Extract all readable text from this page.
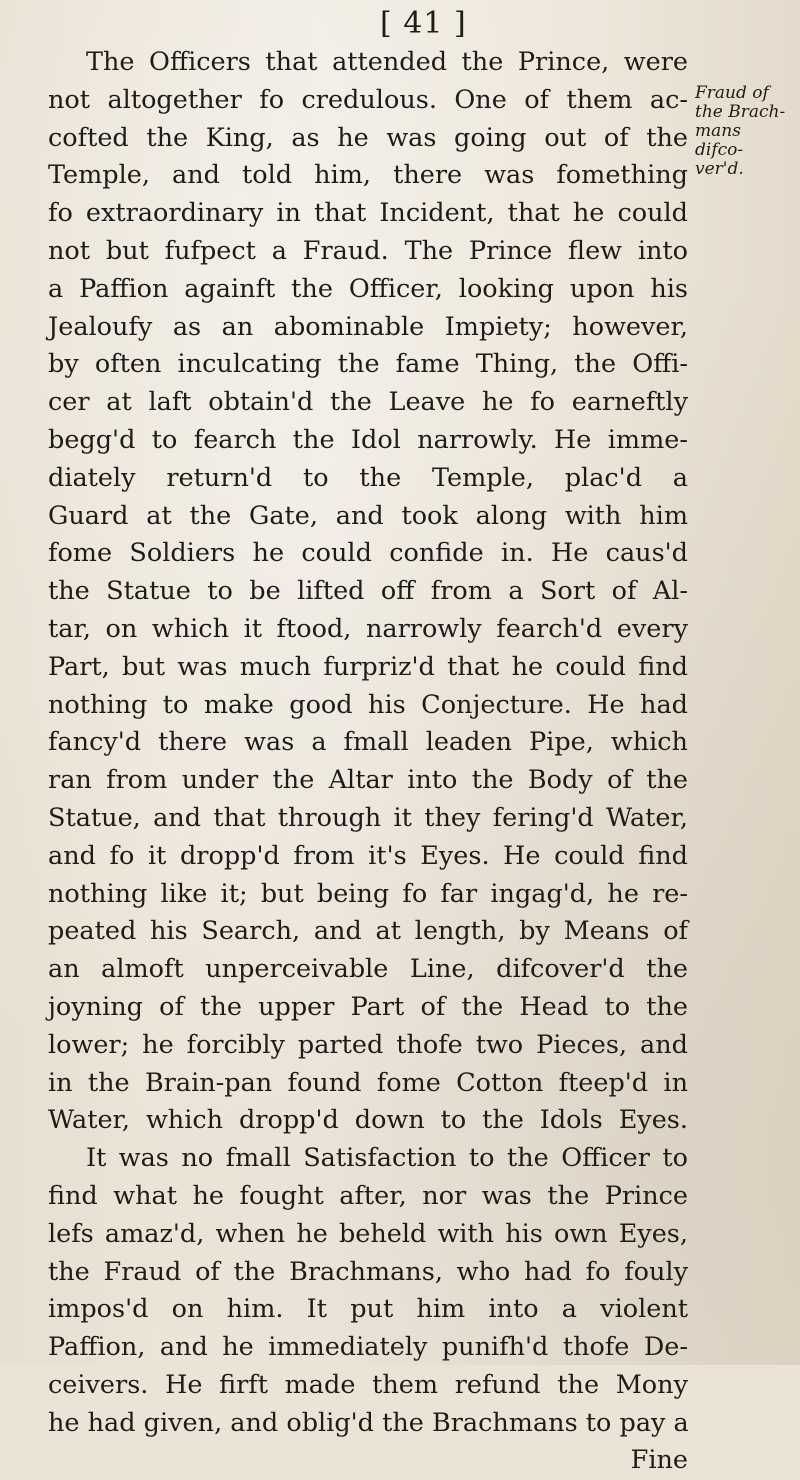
[ 41 ]
The Officers that attended the Prince, were
not altogether fo credulous. One of them ac-
cofted the King, as he was going out of the
Temple, and told him, there was fomething
fo extraordinary in that Incident, that he could
not but fufpect a Fraud. The Prince flew into
a Paffion againft the Officer, looking upon his
Jealoufy as an abominable Impiety; however,
by often inculcating the fame Thing, the Offi-
cer at laft obtain'd the Leave he fo earneftly
begg'd to fearch the Idol narrowly. He imme-
diately return'd to the Temple, plac'd a
Guard at the Gate, and took along with him
fome Soldiers he could confide in. He caus'd
the Statue to be lifted off from a Sort of Al-
tar, on which it ftood, narrowly fearch'd every
Part, but was much furpriz'd that he could find
nothing to make good his Conjecture. He had
fancy'd there was a fmall leaden Pipe, which
ran from under the Altar into the Body of the
Statue, and that through it they fering'd Water,
and fo it dropp'd from it's Eyes. He could find
nothing like it; but being fo far ingag'd, he re-
peated his Search, and at length, by Means of
an almoft unperceivable Line, difcover'd the
joyning of the upper Part of the Head to the
lower; he forcibly parted thofe two Pieces, and
in the Brain-pan found fome Cotton fteep'd in
Water, which dropp'd down to the Idols Eyes.
It was no fmall Satisfaction to the Officer to
find what he fought after, nor was the Prince
lefs amaz'd, when he beheld with his own Eyes,
the Fraud of the Brachmans, who had fo fouly
impos'd on him. It put him into a violent
Paffion, and he immediately punifh'd thofe De-
ceivers. He firft made them refund the Mony
he had given, and oblig'd the Brachmans to pay a
Fine
Fraud of
the Brach-
mans
difco-
ver'd.
